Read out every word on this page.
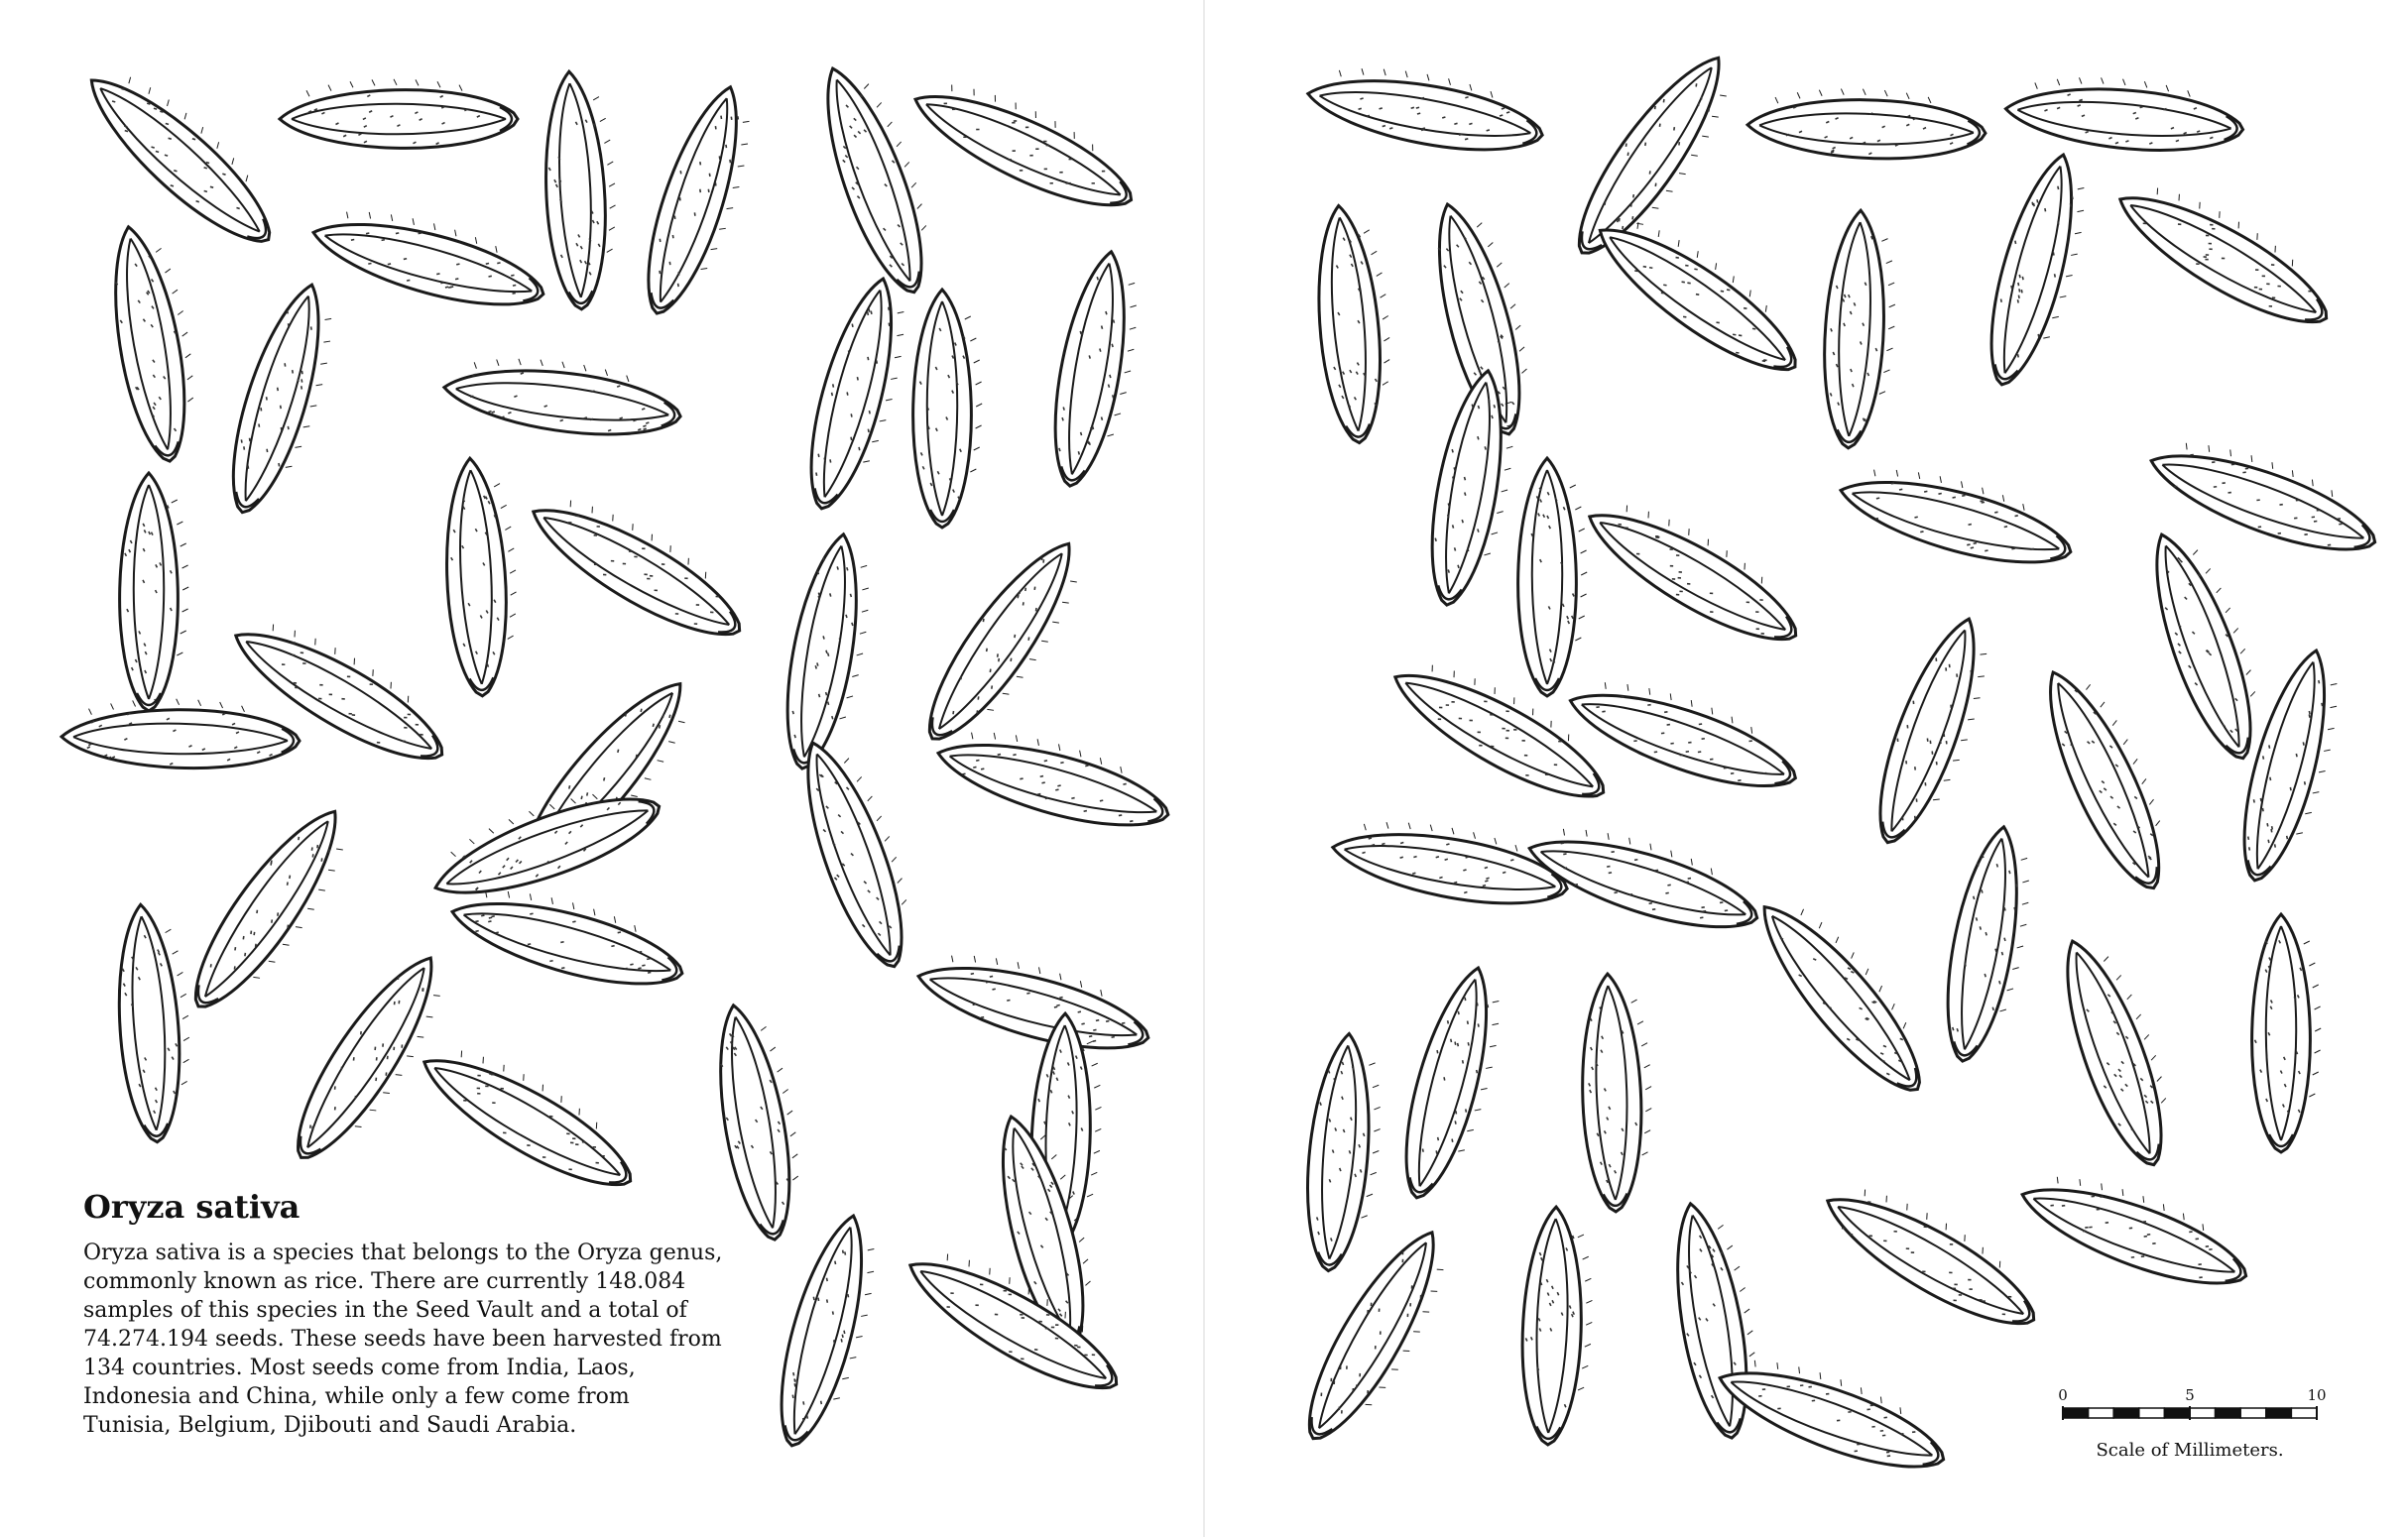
Oryza sativa
Oryza sativa is a species that belongs to the Oryza genus,
commonly known as rice. There are currently 148.084
samples of this species in the Seed Vault and a total of
74.274.194 seeds. These seeds have been harvested from
134 countries. Most seeds come from India, Laos,
Indonesia and China, while only a few come from
Tunisia, Belgium, Djibouti and Saudi Arabia.
0	5	10
Scale of Millimeters.
